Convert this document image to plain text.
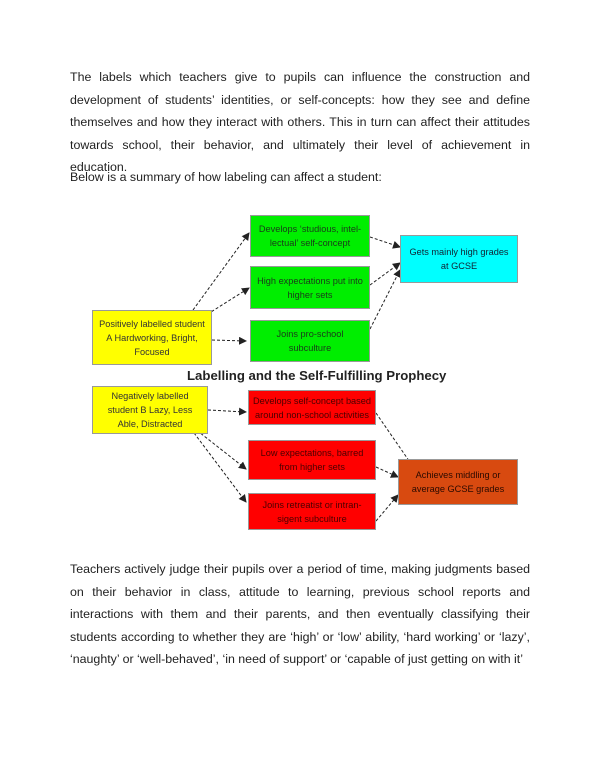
The labels which teachers give to pupils can influence the construction and development of students’ identities, or self-concepts: how they see and define themselves and how they interact with others. This in turn can affect their attitudes towards school, their behavior, and ultimately their level of achievement in education.

Below is a summary of how labeling can affect a student:

Develops ‘studious, intel-lectual’ self-concept
High expectations put into higher sets
Joins pro-school subculture
Gets mainly high grades at GCSE
Positively labelled student A Hardworking, Bright, Focused
Labelling and the Self-Fulfilling Prophecy
Negatively labelled student B Lazy, Less Able, Distracted
Develops self-concept based around non-school activities
Low expectations, barred from higher sets
Joins retreatist or intran-sigent subculture
Achieves middling or average GCSE grades

Teachers actively judge their pupils over a period of time, making judgments based on their behavior in class, attitude to learning, previous school reports and interactions with them and their parents, and then eventually classifying their students according to whether they are ‘high’ or ‘low’ ability, ‘hard working’ or ‘lazy’, ‘naughty’ or ‘well-behaved’, ‘in need of support’ or ‘capable of just getting on with it’
